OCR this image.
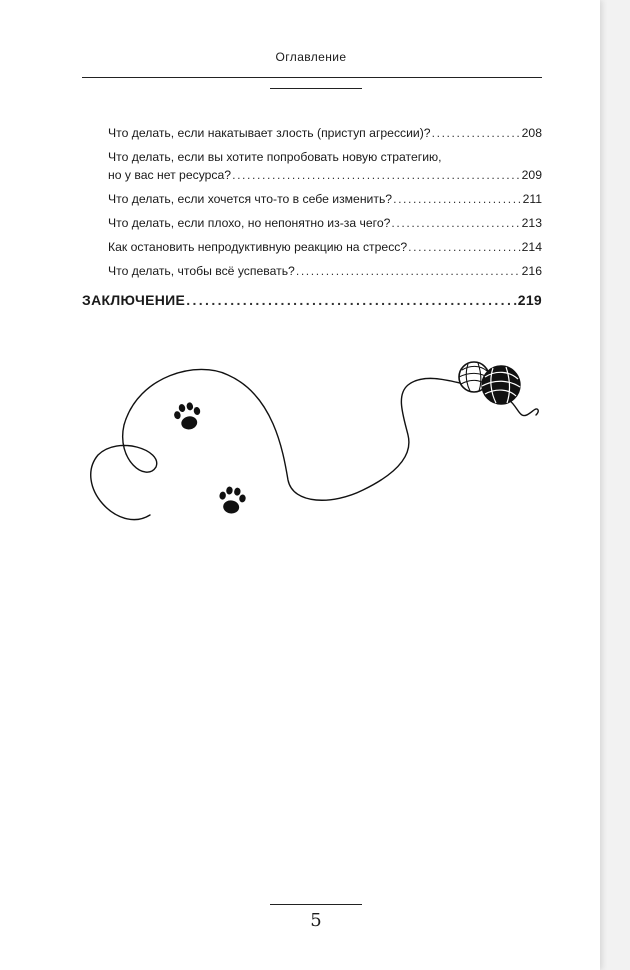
Оглавление
Что делать, если накатывает злость (приступ агрессии)? .....	208
Что делать, если вы хотите попробовать новую стратегию,
но у вас нет ресурса? .....	209
Что делать, если хочется что-то в себе изменить? .....	211
Что делать, если плохо, но непонятно из-за чего? .....	213
Как остановить непродуктивную реакцию на стресс? .....	214
Что делать, чтобы всё успевать? .....	216
ЗАКЛЮЧЕНИЕ .....	219
5
